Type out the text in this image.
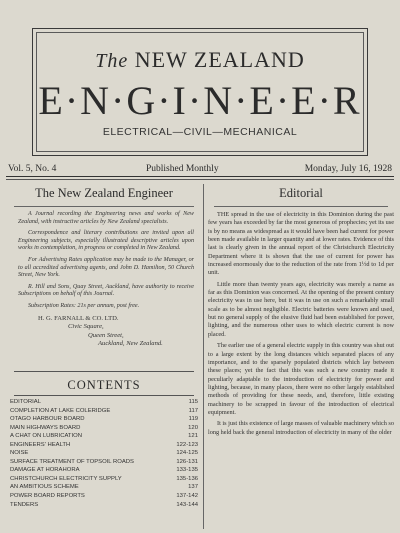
The NEW ZEALAND
E·N·G·I·N·E·E·R
ELECTRICAL—CIVIL—MECHANICAL
Vol. 5, No. 4	Published Monthly	Monday, July 16, 1928
The New Zealand Engineer

A Journal recording the Engineering news and works of New Zealand, with instructive articles by New Zealand specialists.

Correspondence and literary contributions are invited upon all Engineering subjects, especially illustrated descriptive articles upon works in contemplation, in progress or completed in New Zealand.

For Advertising Rates application may be made to the Manager, or to all accredited advertising agents, and John D. Hamilton, 50 Church Street, New York.

R. Hill and Sons, Quay Street, Auckland, have authority to receive Subscriptions on behalf of this Journal.

Subscription Rates: 21s per annum, post free.

H. G. FARNALL & CO. LTD.

Civic Square,

Queen Street,

Auckland, New Zealand.

CONTENTS
EDITORIAL	115
COMPLETION AT LAKE COLERIDGE	117
OTAGO HARBOUR BOARD	119
MAIN HIGHWAYS BOARD	120
A CHAT ON LUBRICATION	121
ENGINEERS' HEALTH	122-123
NOISE	124-125
SURFACE TREATMENT OF TOPSOIL ROADS	126-131
DAMAGE AT HORAHORA	133-135
CHRISTCHURCH ELECTRICITY SUPPLY	135-136
AN AMBITIOUS SCHEME	137
POWER BOARD REPORTS	137-142
TENDERS	143-144
Editorial

THE spread in the use of electricity in this Dominion during the past few years has exceeded by far the most generous of prophecies; yet its use is by no means as widespread as it would have been had current for power been made available in larger quantity and at lower rates. Evidence of this last is clearly given in the annual report of the Christchurch Electricity Department where it is shown that the use of current for power has increased enormously due to the reduction of the rate from 1½d to 1d per unit.

Little more than twenty years ago, electricity was merely a name as far as this Dominion was concerned. At the opening of the present century electricity was in use here, but it was in use on such a remarkably small scale as to be almost negligible. Electric batteries were known and used, but no general supply of the elusive fluid had been established for power, lighting, and the numerous other uses to which electric current is now placed.

The earlier use of a general electric supply in this country was shut out to a large extent by the long distances which separated places of any importance, and to the sparsely populated districts which lay between these places; yet the fact that this was such a new country made it peculiarly adaptable to the introduction of electricity for power and lighting, because, in many places, there were no other largely established methods of providing for these needs, and, therefore, little existing machinery to be scrapped in favour of the introduction of electrical equipment.

It is just this existence of large masses of valuable machinery which so long held back the general introduction of electricity in many of the older
